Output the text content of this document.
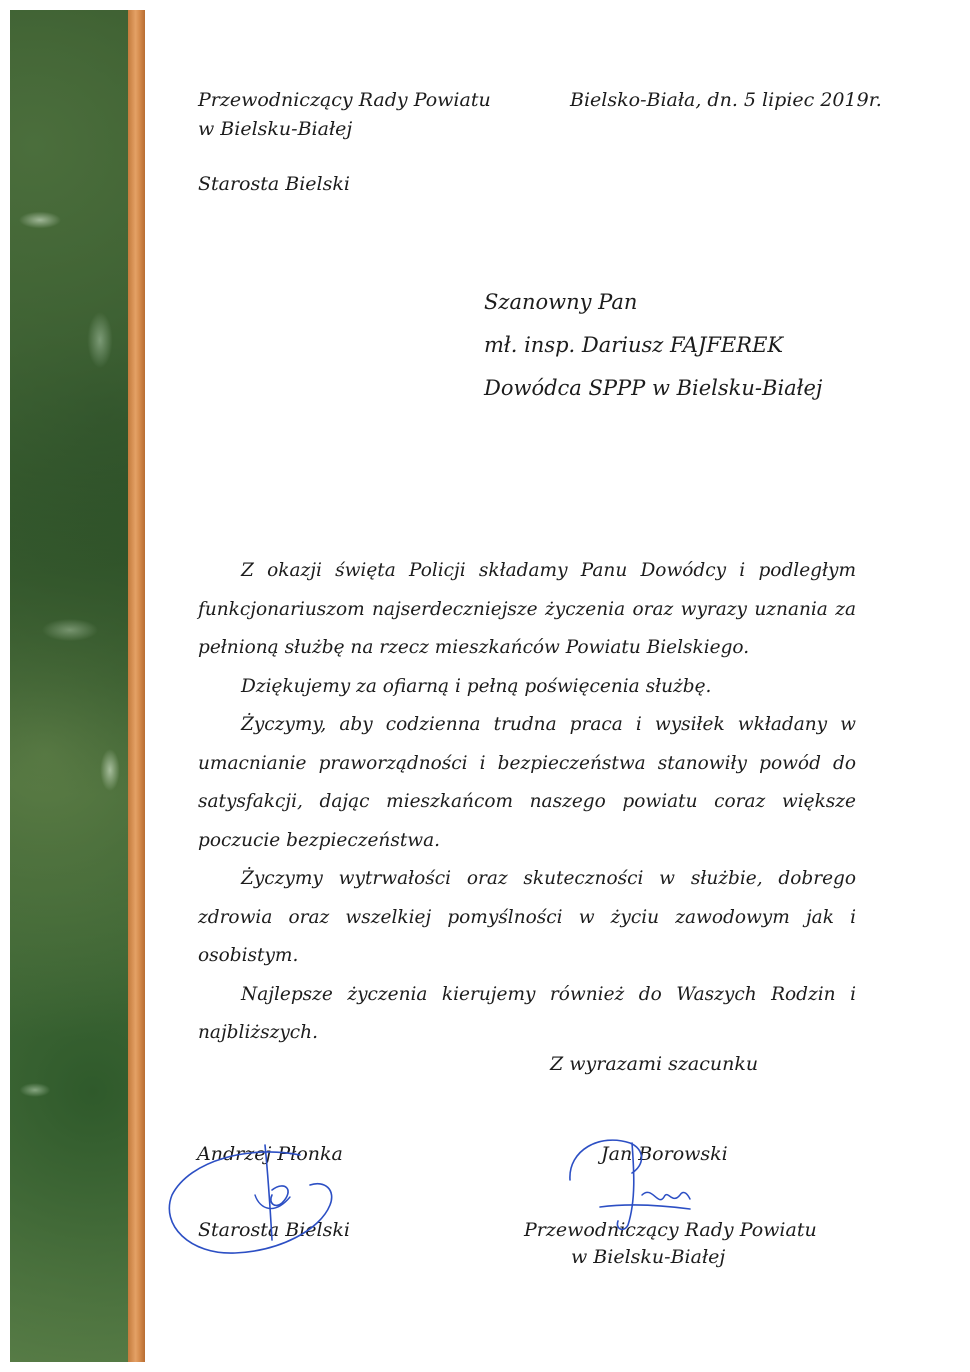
Przewodniczący Rady Powiatu
w Bielsku-Białej
Starosta Bielski
Bielsko-Biała, dn. 5 lipiec 2019r.
Szanowny Pan
mł. insp. Dariusz FAJFEREK
Dowódca SPPP w Bielsku-Białej

Z okazji święta Policji składamy Panu Dowódcy i podległym funkcjonariuszom najserdeczniejsze życzenia oraz wyrazy uznania za pełnioną służbę na rzecz mieszkańców Powiatu Bielskiego.

Dziękujemy za ofiarną i pełną poświęcenia służbę.

Życzymy, aby codzienna trudna praca i wysiłek wkładany w umacnianie praworządności i bezpieczeństwa stanowiły powód do satysfakcji, dając mieszkańcom naszego powiatu coraz większe poczucie bezpieczeństwa.

Życzymy wytrwałości oraz skuteczności w służbie, dobrego zdrowia oraz wszelkiej pomyślności w życiu zawodowym jak i osobistym.

Najlepsze życzenia kierujemy również do Waszych Rodzin i najbliższych.

Z wyrazami szacunku
Andrzej Płonka
Starosta Bielski
Jan Borowski
Przewodniczący Rady Powiatu
w Bielsku-Białej
